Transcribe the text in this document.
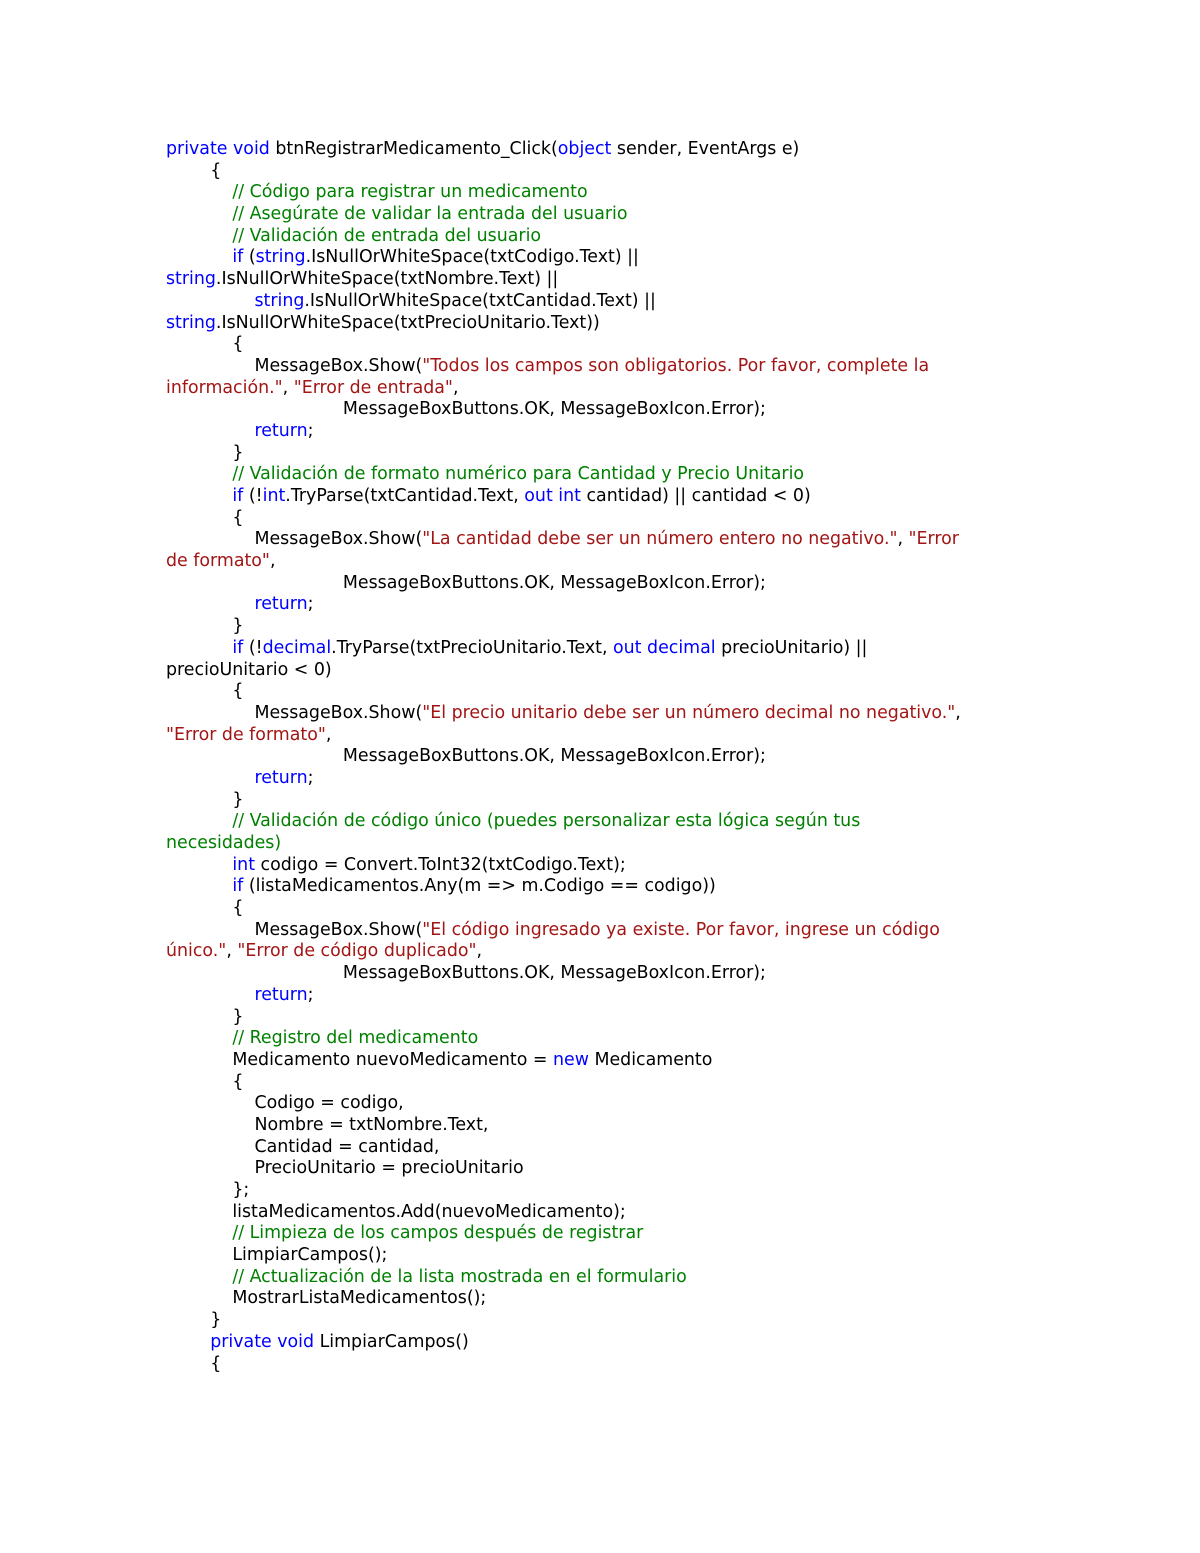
private void btnRegistrarMedicamento_Click(object sender, EventArgs e)
{
// Código para registrar un medicamento
// Asegúrate de validar la entrada del usuario
// Validación de entrada del usuario
if (string.IsNullOrWhiteSpace(txtCodigo.Text) ||
string.IsNullOrWhiteSpace(txtNombre.Text) ||
string.IsNullOrWhiteSpace(txtCantidad.Text) ||
string.IsNullOrWhiteSpace(txtPrecioUnitario.Text))
{
MessageBox.Show("Todos los campos son obligatorios. Por favor, complete la
información.", "Error de entrada",
MessageBoxButtons.OK, MessageBoxIcon.Error);
return;
}
// Validación de formato numérico para Cantidad y Precio Unitario
if (!int.TryParse(txtCantidad.Text, out int cantidad) || cantidad < 0)
{
MessageBox.Show("La cantidad debe ser un número entero no negativo.", "Error
de formato",
MessageBoxButtons.OK, MessageBoxIcon.Error);
return;
}
if (!decimal.TryParse(txtPrecioUnitario.Text, out decimal precioUnitario) ||
precioUnitario < 0)
{
MessageBox.Show("El precio unitario debe ser un número decimal no negativo.",
"Error de formato",
MessageBoxButtons.OK, MessageBoxIcon.Error);
return;
}
// Validación de código único (puedes personalizar esta lógica según tus
necesidades)
int codigo = Convert.ToInt32(txtCodigo.Text);
if (listaMedicamentos.Any(m => m.Codigo == codigo))
{
MessageBox.Show("El código ingresado ya existe. Por favor, ingrese un código
único.", "Error de código duplicado",
MessageBoxButtons.OK, MessageBoxIcon.Error);
return;
}
// Registro del medicamento
Medicamento nuevoMedicamento = new Medicamento
{
Codigo = codigo,
Nombre = txtNombre.Text,
Cantidad = cantidad,
PrecioUnitario = precioUnitario
};
listaMedicamentos.Add(nuevoMedicamento);
// Limpieza de los campos después de registrar
LimpiarCampos();
// Actualización de la lista mostrada en el formulario
MostrarListaMedicamentos();
}
private void LimpiarCampos()
{
